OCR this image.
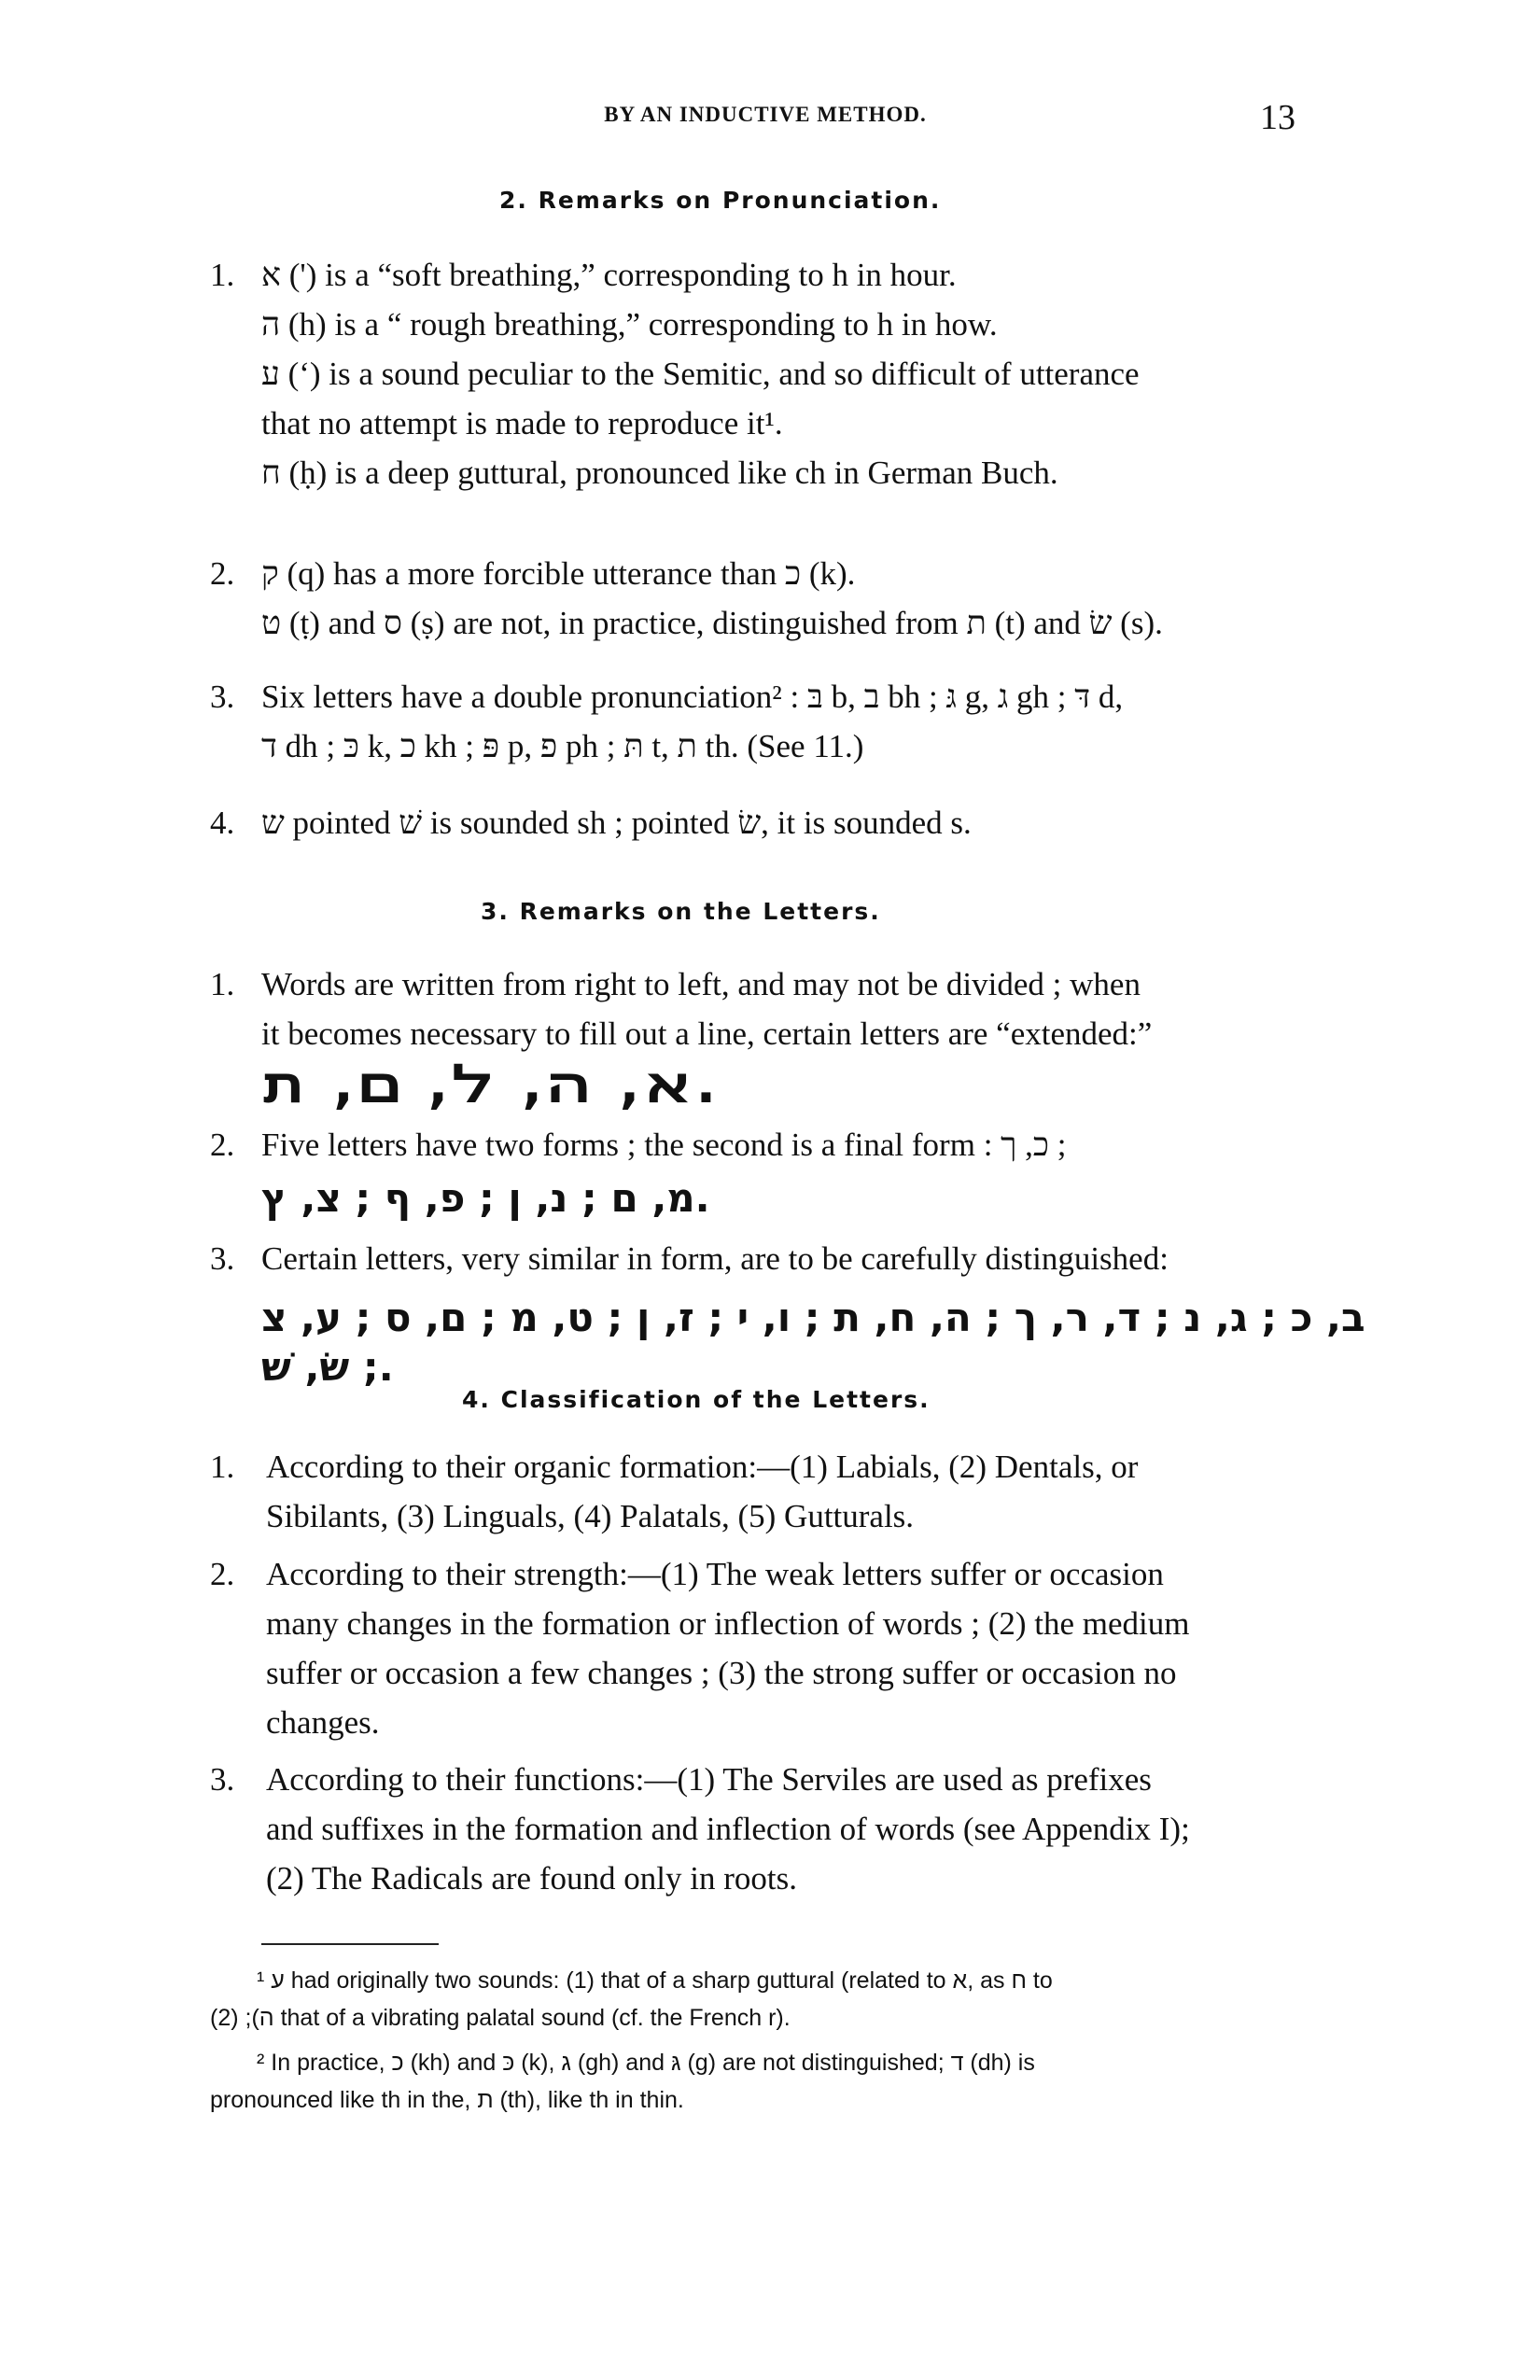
BY AN INDUCTIVE METHOD.	13
2. Remarks on Pronunciation.
1. א (') is a “soft breathing,” corresponding to h in hour.
ה (h) is a “ rough breathing,” corresponding to h in how.
ע (‘) is a sound peculiar to the Semitic, and so difficult of utterance
that no attempt is made to reproduce it¹.
ח (ḥ) is a deep guttural, pronounced like ch in German Buch.
2. ק (q) has a more forcible utterance than כ (k).
ט (ṭ) and ס (ṣ) are not, in practice, distinguished from ת (t) and שׂ (s).
3. Six letters have a double pronunciation² : בּ b, ב bh ; גּ g, ג gh ; דּ d,
ד dh ; כּ k, כ kh ; פּ p, פ ph ; תּ t, ת th. (See 11.)
4. ש pointed שׁ is sounded sh ; pointed שׂ, it is sounded s.
3. Remarks on the Letters.
1. Words are written from right to left, and may not be divided ; when
it becomes necessary to fill out a line, certain letters are “extended:”
ﬡ, ﬣ, ﬥ, ﬦ, ﬨ.
2. Five letters have two forms ; the second is a final form : כ, ך ;
מ, ם ; נ, ן ; פ, ף ; צ, ץ.
3. Certain letters, very similar in form, are to be carefully distinguished:
ב, כ ; ג, נ ; ד, ר, ך ; ה, ח, ת ; ו, י ; ז, ן ; ט, מ ; ם, ס ; ע, צ ; שׂ, שׁ.
4. Classification of the Letters.
1. According to their organic formation:—(1) Labials, (2) Dentals, or
Sibilants, (3) Linguals, (4) Palatals, (5) Gutturals.
2. According to their strength:—(1) The weak letters suffer or occasion
many changes in the formation or inflection of words ; (2) the medium
suffer or occasion a few changes ; (3) the strong suffer or occasion no
changes.
3. According to their functions:—(1) The Serviles are used as prefixes
and suffixes in the formation and inflection of words (see Appendix I);
(2) The Radicals are found only in roots.
¹ ע had originally two sounds: (1) that of a sharp guttural (related to א, as ח to
ה); (2) that of a vibrating palatal sound (cf. the French r).
² In practice, כ (kh) and כּ (k), ג (gh) and גּ (g) are not distinguished; ד (dh) is
pronounced like th in the, ת (th), like th in thin.
